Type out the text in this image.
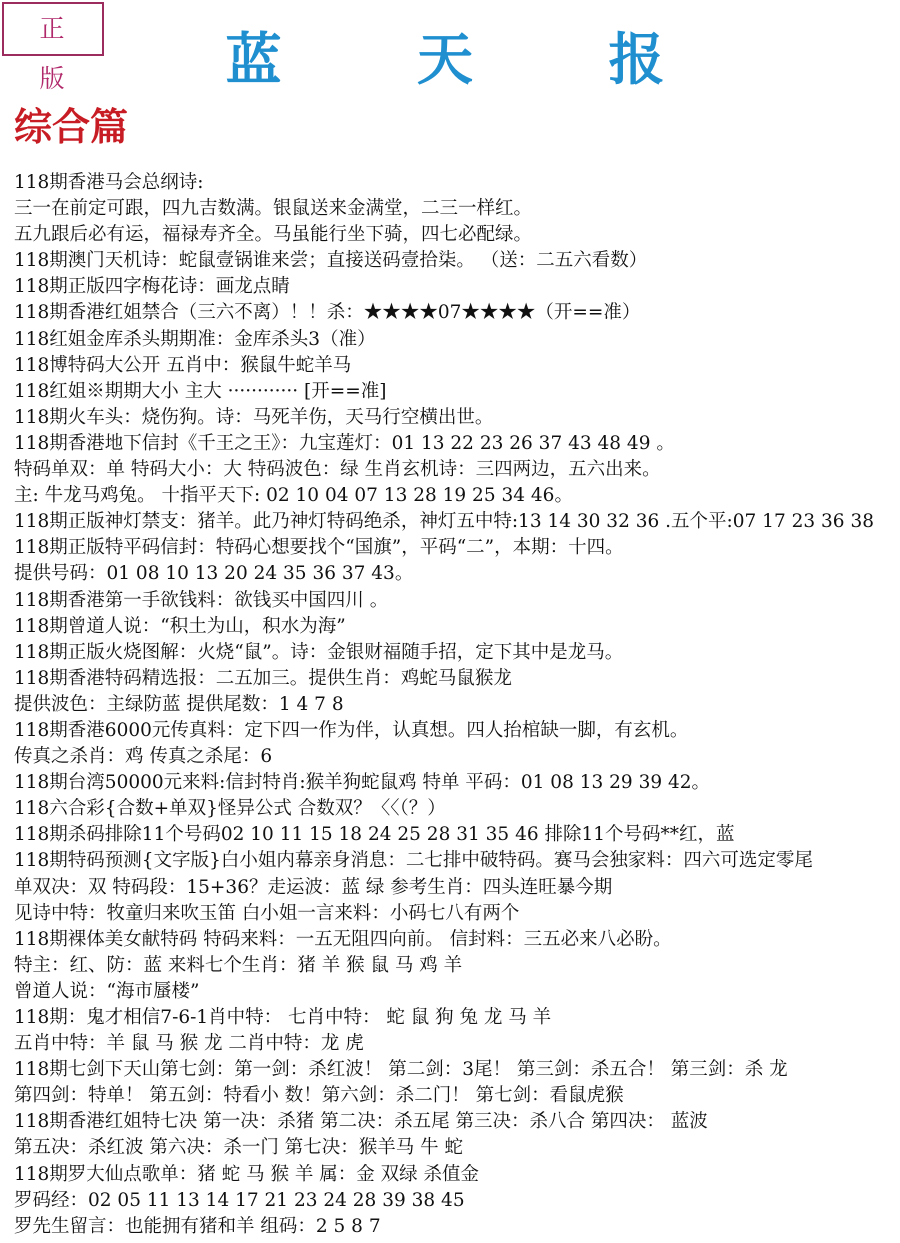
正 版	蓝 天 报
综合篇
118期香港马会总纲诗:
三一在前定可跟，四九吉数满。银鼠送来金满堂，二三一样红。
五九跟后必有运，福禄寿齐全。马虽能行坐下骑，四七必配绿。
118期澳门天机诗：蛇鼠壹锅谁来尝；直接送码壹拾柒。 （送：二五六看数）
118期正版四字梅花诗：画龙点睛
118期香港红姐禁合（三六不离）！！杀：★★★★07★★★★（开==准）
118红姐金库杀头期期准：金库杀头3（准）
118博特码大公开 五肖中：猴鼠牛蛇羊马
118红姐※期期大小 主大 ············ [开==准]
118期火车头：烧伤狗。诗：马死羊伤，天马行空横出世。
118期香港地下信封《千王之王》：九宝莲灯：01 13 22 23 26 37 43 48 49 。
特码单双：单 特码大小：大 特码波色：绿 生肖玄机诗：三四两边，五六出来。
主: 牛龙马鸡兔。 十指平天下: 02 10 04 07 13 28 19 25 34 46。
118期正版神灯禁支：猪羊。此乃神灯特码绝杀，神灯五中特:13 14 30 32 36 .五个平:07 17 23 36 38
118期正版特平码信封：特码心想要找个“国旗”，平码“二”，本期：十四。
提供号码：01 08 10 13 20 24 35 36 37 43。
118期香港第一手欲钱料：欲钱买中国四川 。
118期曾道人说：“积土为山，积水为海”
118期正版火烧图解：火烧“鼠”。诗：金银财福随手招，定下其中是龙马。
118期香港特码精选报：二五加三。提供生肖：鸡蛇马鼠猴龙
提供波色：主绿防蓝 提供尾数：1 4 7 8
118期香港6000元传真料：定下四一作为伴，认真想。四人抬棺缺一脚，有玄机。
传真之杀肖：鸡 传真之杀尾：6
118期台湾50000元来料:信封特肖:猴羊狗蛇鼠鸡 特单 平码：01 08 13 29 39 42。
118六合彩{合数+单双}怪异公式 合数双？〈〈（？）
118期杀码排除11个号码02 10 11 15 18 24 25 28 31 35 46 排除11个号码**红，蓝
118期特码预测{文字版}白小姐内幕亲身消息：二七排中破特码。赛马会独家料：四六可选定零尾
单双决：双 特码段：15+36？走运波：蓝 绿 参考生肖：四头连旺暴今期
见诗中特：牧童归来吹玉笛 白小姐一言来料：小码七八有两个
118期裸体美女献特码 特码来料：一五无阻四向前。 信封料：三五必来八必盼。
特主：红、防：蓝 来料七个生肖：猪 羊 猴 鼠 马 鸡 羊
曾道人说：“海市蜃楼”
118期：鬼才相信7-6-1肖中特： 七肖中特： 蛇 鼠 狗 兔 龙 马 羊
五肖中特：羊 鼠 马 猴 龙 二肖中特：龙 虎
118期七剑下天山第七剑：第一剑：杀红波！ 第二剑：3尾！ 第三剑：杀五合！ 第三剑：杀 龙
第四剑：特单！ 第五剑：特看小 数！第六剑：杀二门！ 第七剑：看鼠虎猴
118期香港红姐特七决 第一决：杀猪 第二决：杀五尾 第三决：杀八合 第四决： 蓝波
第五决：杀红波 第六决：杀一门 第七决：猴羊马 牛 蛇
118期罗大仙点歌单：猪 蛇 马 猴 羊 属：金 双绿 杀值金
罗码经：02 05 11 13 14 17 21 23 24 28 39 38 45
罗先生留言：也能拥有猪和羊 组码：2 5 8 7
